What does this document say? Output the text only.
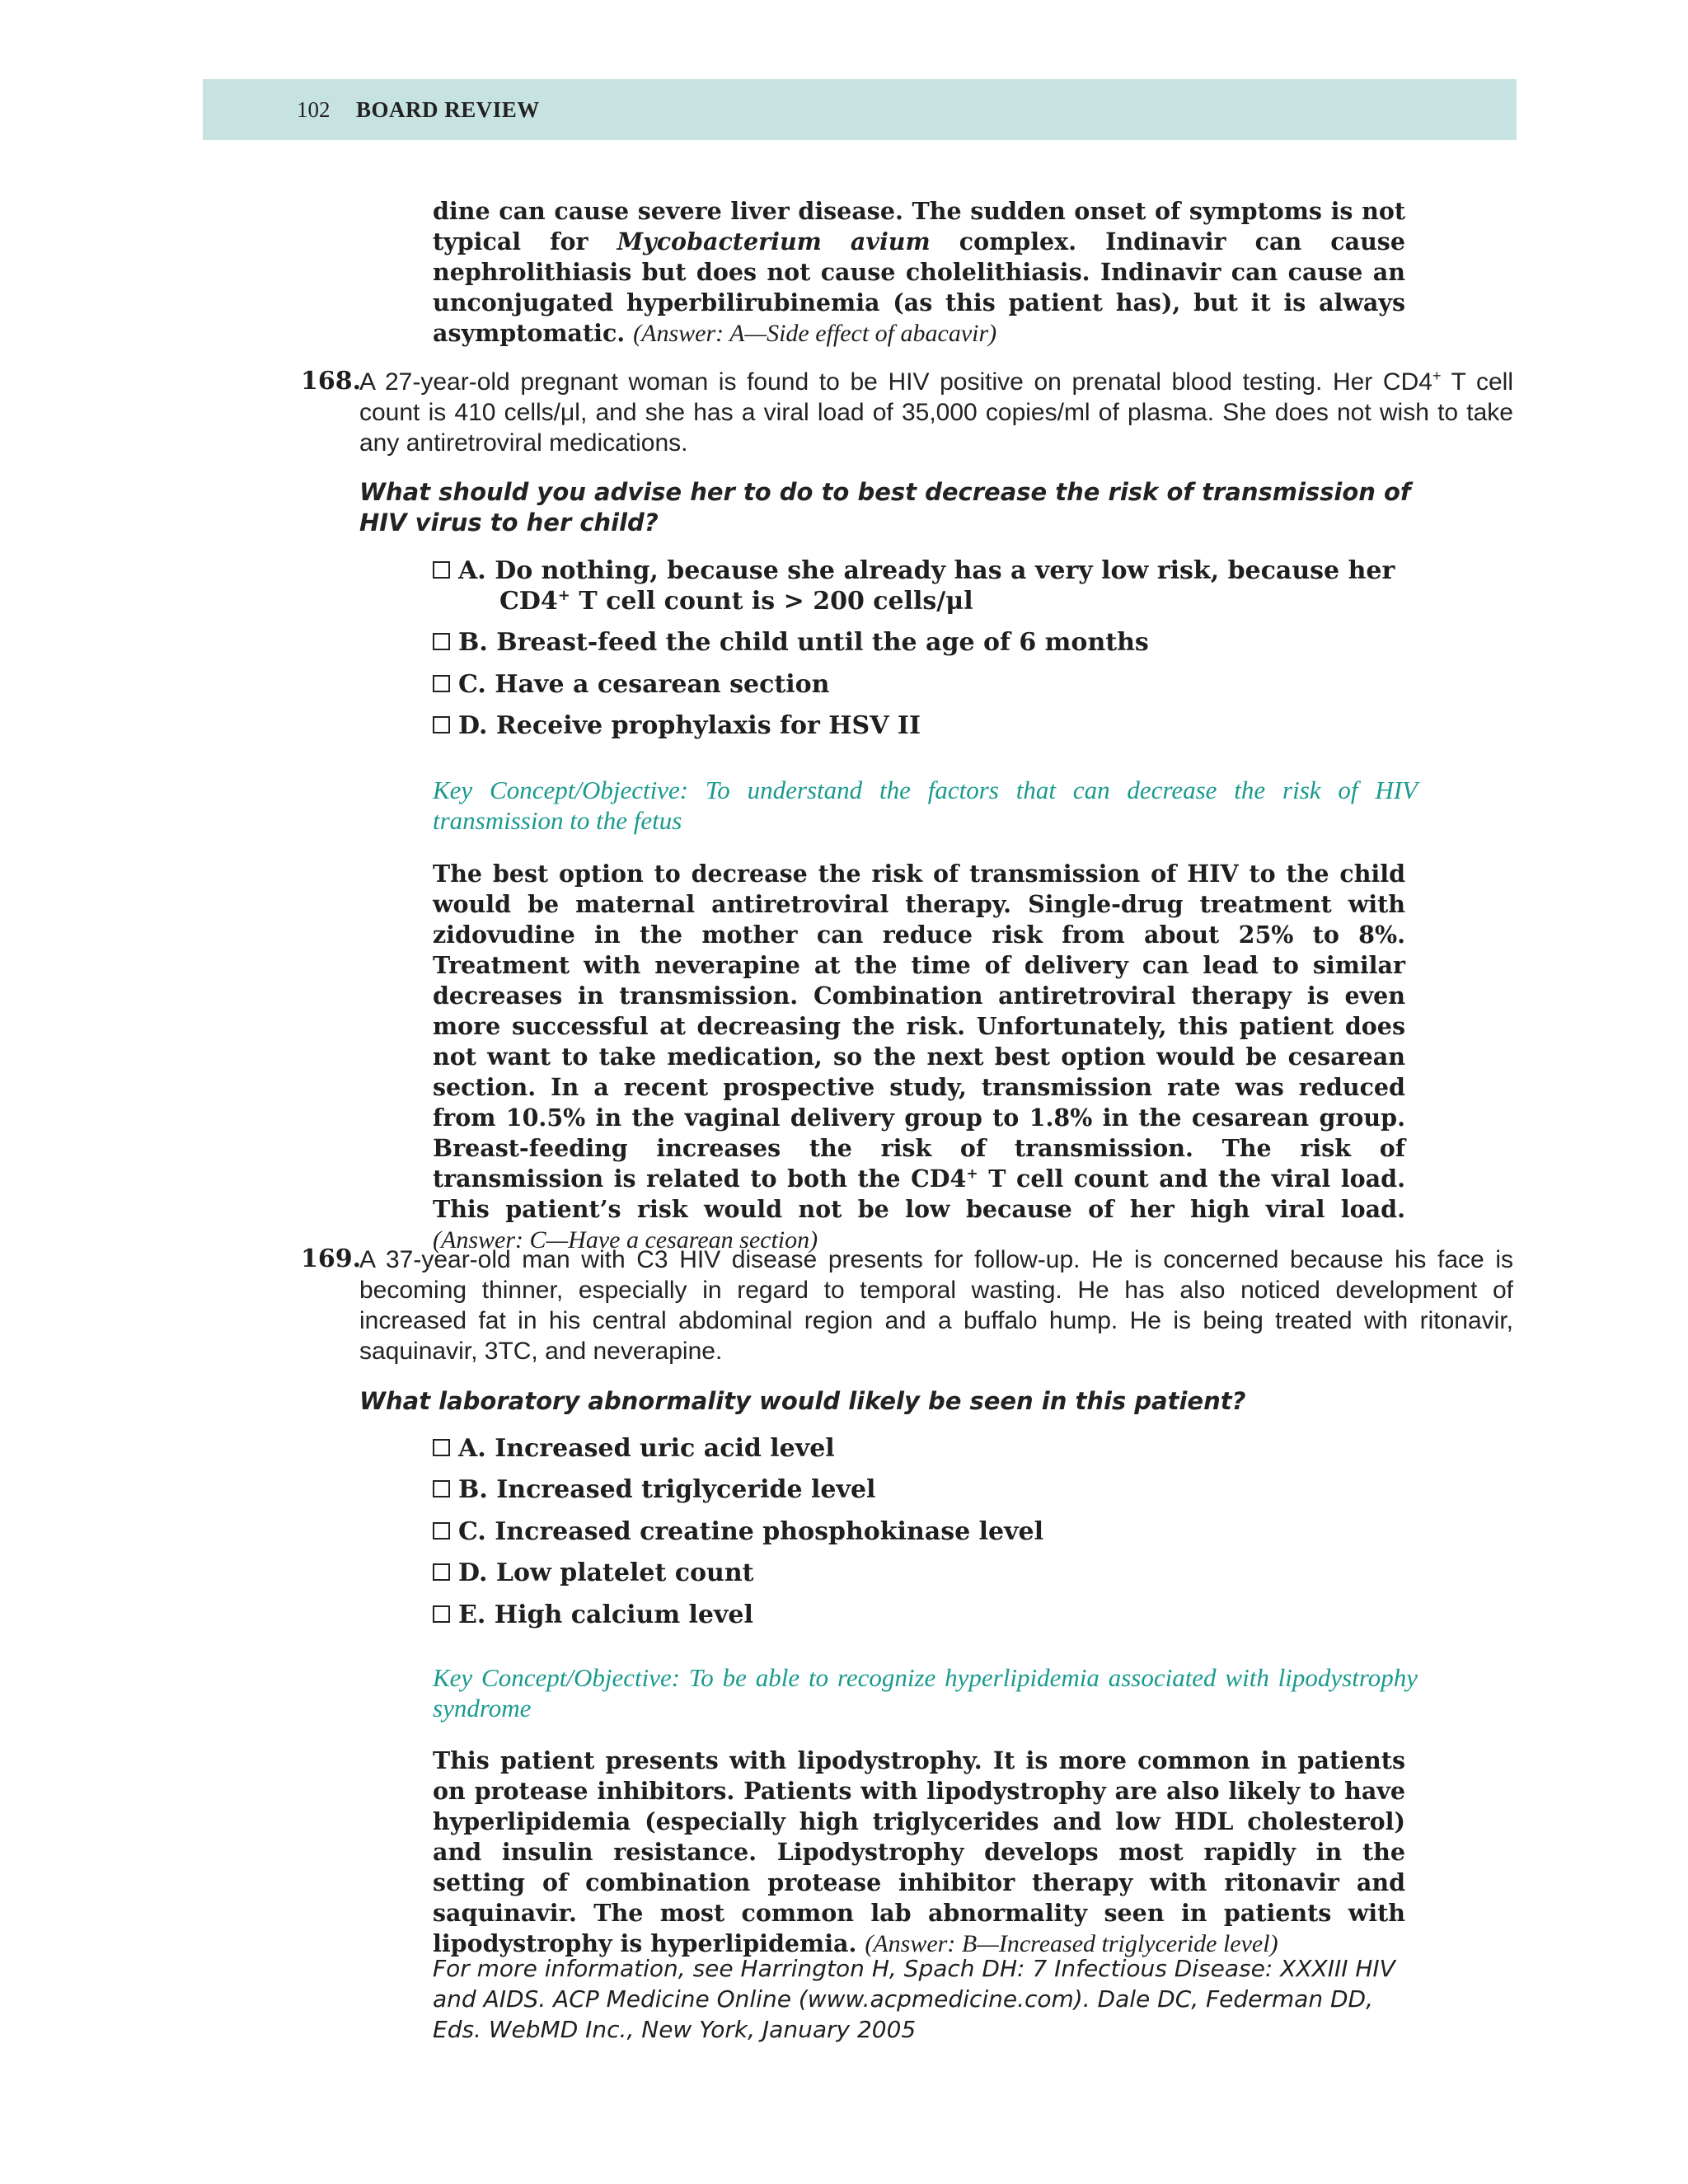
102 BOARD REVIEW

dine can cause severe liver disease. The sudden onset of symptoms is not typical for Mycobacterium avium complex. Indinavir can cause nephrolithiasis but does not cause cholelithiasis. Indinavir can cause an unconjugated hyperbilirubinemia (as this patient has), but it is always asymptomatic. (Answer: A—Side effect of abacavir)

168.
A 27-year-old pregnant woman is found to be HIV positive on prenatal blood testing. Her CD4+ T cell
count is 410 cells/μl, and she has a viral load of 35,000 copies/ml of plasma. She does not wish to take
any antiretroviral medications.

What should you advise her to do to best decrease the risk of transmission of HIV virus to her child?

A. Do nothing, because she already has a very low risk, because her
CD4+ T cell count is > 200 cells/μl
B. Breast-feed the child until the age of 6 months
C. Have a cesarean section
D. Receive prophylaxis for HSV II

Key Concept/Objective: To understand the factors that can decrease the risk of HIV transmission to the fetus

The best option to decrease the risk of transmission of HIV to the child would be maternal antiretroviral therapy. Single-drug treatment with zidovudine in the mother can reduce risk from about 25% to 8%. Treatment with neverapine at the time of delivery can lead to similar decreases in transmission. Combination antiretroviral therapy is even more successful at decreasing the risk. Unfortunately, this patient does not want to take medication, so the next best option would be cesarean section. In a recent prospective study, transmission rate was reduced from 10.5% in the vaginal delivery group to 1.8% in the cesarean group. Breast-feeding increases the risk of transmission. The risk of transmission is related to both the CD4+ T cell count and the viral load. This patient’s risk would not be low because of her high viral load. (Answer: C—Have a cesarean section)

169.

A 37-year-old man with C3 HIV disease presents for follow-up. He is concerned because his face is becoming thinner, especially in regard to temporal wasting. He has also noticed development of increased fat in his central abdominal region and a buffalo hump. He is being treated with ritonavir, saquinavir, 3TC, and neverapine.

What laboratory abnormality would likely be seen in this patient?

A. Increased uric acid level
B. Increased triglyceride level
C. Increased creatine phosphokinase level
D. Low platelet count
E. High calcium level

Key Concept/Objective: To be able to recognize hyperlipidemia associated with lipodystrophy syndrome

This patient presents with lipodystrophy. It is more common in patients on protease inhibitors. Patients with lipodystrophy are also likely to have hyperlipidemia (especially high triglycerides and low HDL cholesterol) and insulin resistance. Lipodystrophy develops most rapidly in the setting of combination protease inhibitor therapy with ritonavir and saquinavir. The most common lab abnormality seen in patients with lipodystrophy is hyperlipidemia. (Answer: B—Increased triglyceride level)

For more information, see Harrington H, Spach DH: 7 Infectious Disease: XXXIII HIV and AIDS. ACP Medicine Online (www.acpmedicine.com). Dale DC, Federman DD, Eds. WebMD Inc., New York, January 2005
